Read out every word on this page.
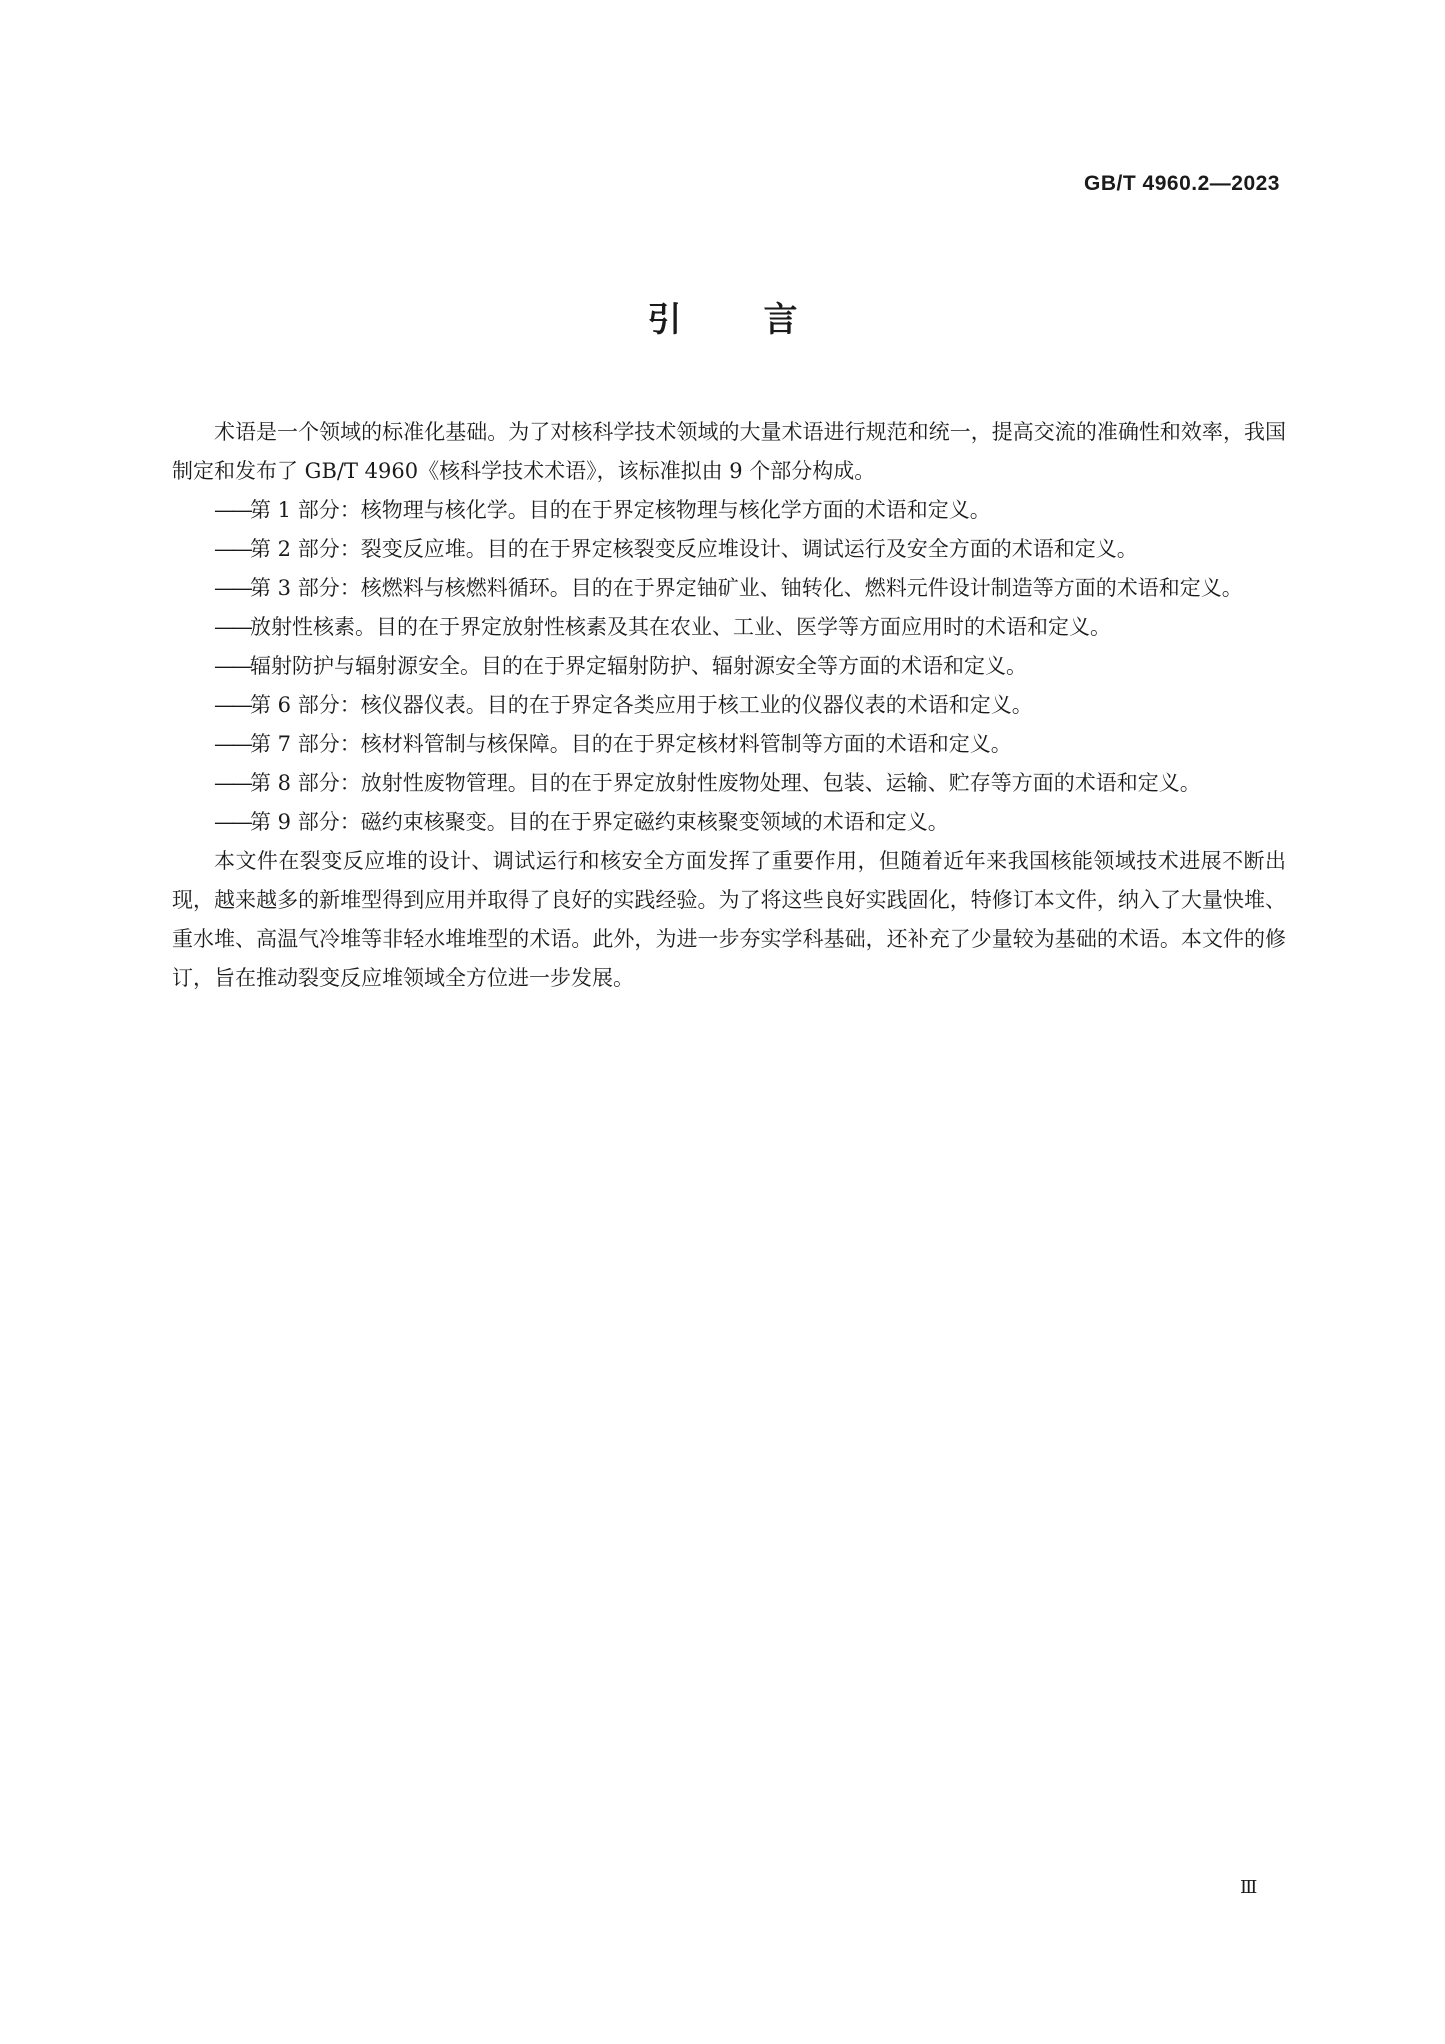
GB/T 4960.2—2023
引言

术语是一个领域的标准化基础。为了对核科学技术领域的大量术语进行规范和统一，提高交流的准确性和效率，我国制定和发布了 GB/T 4960《核科学技术术语》，该标准拟由 9 个部分构成。

——第 1 部分：核物理与核化学。目的在于界定核物理与核化学方面的术语和定义。

——第 2 部分：裂变反应堆。目的在于界定核裂变反应堆设计、调试运行及安全方面的术语和定义。

——第 3 部分：核燃料与核燃料循环。目的在于界定铀矿业、铀转化、燃料元件设计制造等方面的术语和定义。

——放射性核素。目的在于界定放射性核素及其在农业、工业、医学等方面应用时的术语和定义。

——辐射防护与辐射源安全。目的在于界定辐射防护、辐射源安全等方面的术语和定义。

——第 6 部分：核仪器仪表。目的在于界定各类应用于核工业的仪器仪表的术语和定义。

——第 7 部分：核材料管制与核保障。目的在于界定核材料管制等方面的术语和定义。

——第 8 部分：放射性废物管理。目的在于界定放射性废物处理、包装、运输、贮存等方面的术语和定义。

——第 9 部分：磁约束核聚变。目的在于界定磁约束核聚变领域的术语和定义。

本文件在裂变反应堆的设计、调试运行和核安全方面发挥了重要作用，但随着近年来我国核能领域技术进展不断出现，越来越多的新堆型得到应用并取得了良好的实践经验。为了将这些良好实践固化，特修订本文件，纳入了大量快堆、重水堆、高温气冷堆等非轻水堆堆型的术语。此外，为进一步夯实学科基础，还补充了少量较为基础的术语。本文件的修订，旨在推动裂变反应堆领域全方位进一步发展。

Ⅲ
